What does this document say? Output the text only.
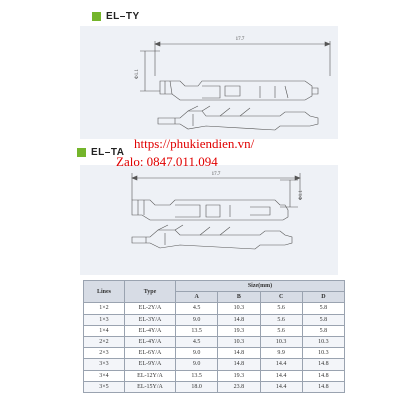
EL–TY
17.7
Φ1.1
EL–TA
17.7
Φ1.1
https://phukiendien.vn/
Zalo: 0847.011.094
Lines	Type	Size(mm)			
		A	B	C	D
1×2	EL-2Y/A	4.5	10.3	5.6	5.8
1×3	EL-3Y/A	9.0	14.8	5.6	5.8
1×4	EL-4Y/A	13.5	19.3	5.6	5.8
2×2	EL-4Y/A	4.5	10.3	10.3	10.3
2×3	EL-6Y/A	9.0	14.8	9.9	10.3
3×3	EL-9Y/A	9.0	14.8	14.4	14.8
3×4	EL-12Y/A	13.5	19.3	14.4	14.8
3×5	EL-15Y/A	18.0	23.8	14.4	14.8
